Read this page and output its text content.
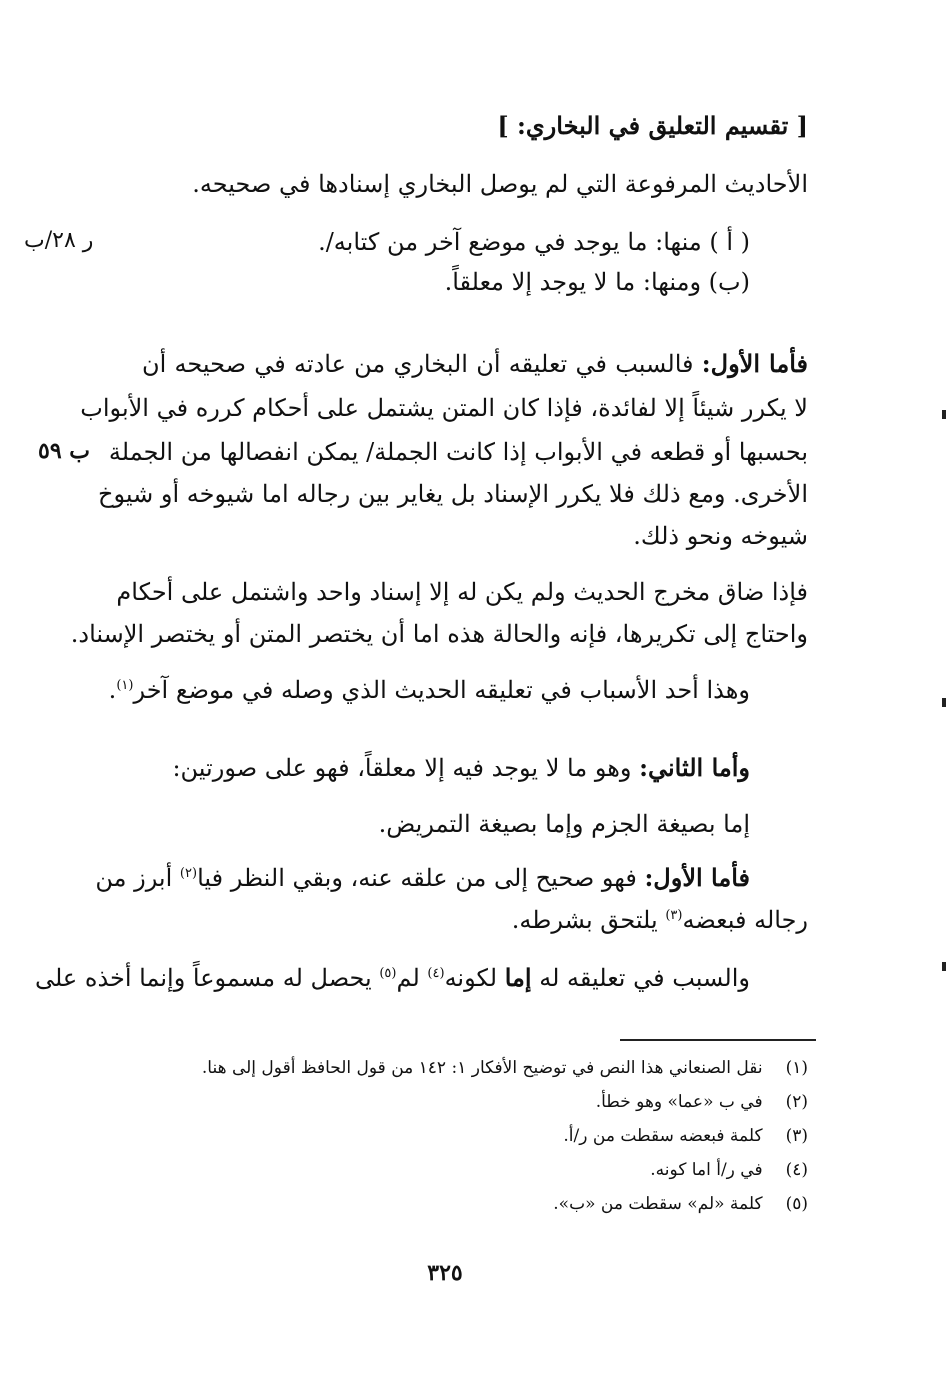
[ تقسيم التعليق في البخاري: ]
الأحاديث المرفوعة التي لم يوصل البخاري إسنادها في صحيحه.
( أ ) منها: ما يوجد في موضع آخر من كتابه/.
(ب) ومنها: ما لا يوجد إلا معلقاً.
ر ٢٨/ب
ب ٥٩
فأما الأول: فالسبب في تعليقه أن البخاري من عادته في صحيحه أن
لا يكرر شيئاً إلا لفائدة، فإذا كان المتن يشتمل على أحكام كرره في الأبواب
بحسبها أو قطعه في الأبواب إذا كانت الجملة/ يمكن انفصالها من الجملة
الأخرى. ومع ذلك فلا يكرر الإسناد بل يغاير بين رجاله اما شيوخه أو شيوخ
شيوخه ونحو ذلك.
فإذا ضاق مخرج الحديث ولم يكن له إلا إسناد واحد واشتمل على أحكام
واحتاج إلى تكريرها، فإنه والحالة هذه اما أن يختصر المتن أو يختصر الإسناد.
وهذا أحد الأسباب في تعليقه الحديث الذي وصله في موضع آخر$^{(١)}$.
وأما الثاني: وهو ما لا يوجد فيه إلا معلقاً، فهو على صورتين:
إما بصيغة الجزم وإما بصيغة التمريض.
فأما الأول: فهو صحيح إلى من علقه عنه، وبقي النظر فيا$^{(٢)}$ أبرز من
رجاله فبعضه$^{(٣)}$ يلتحق بشرطه.
والسبب في تعليقه له إما لكونه$^{(٤)}$ لم$^{(٥)}$ يحصل له مسموعاً وإنما أخذه على
(١) نقل الصنعاني هذا النص في توضيح الأفكار ١: ١٤٢ من قول الحافظ أقول إلى هنا.
(٢) في ب «عما» وهو خطأ.
(٣) كلمة فبعضه سقطت من ر/أ.
(٤) في ر/أ اما كونه.
(٥) كلمة «لم» سقطت من «ب».
٣٢٥
